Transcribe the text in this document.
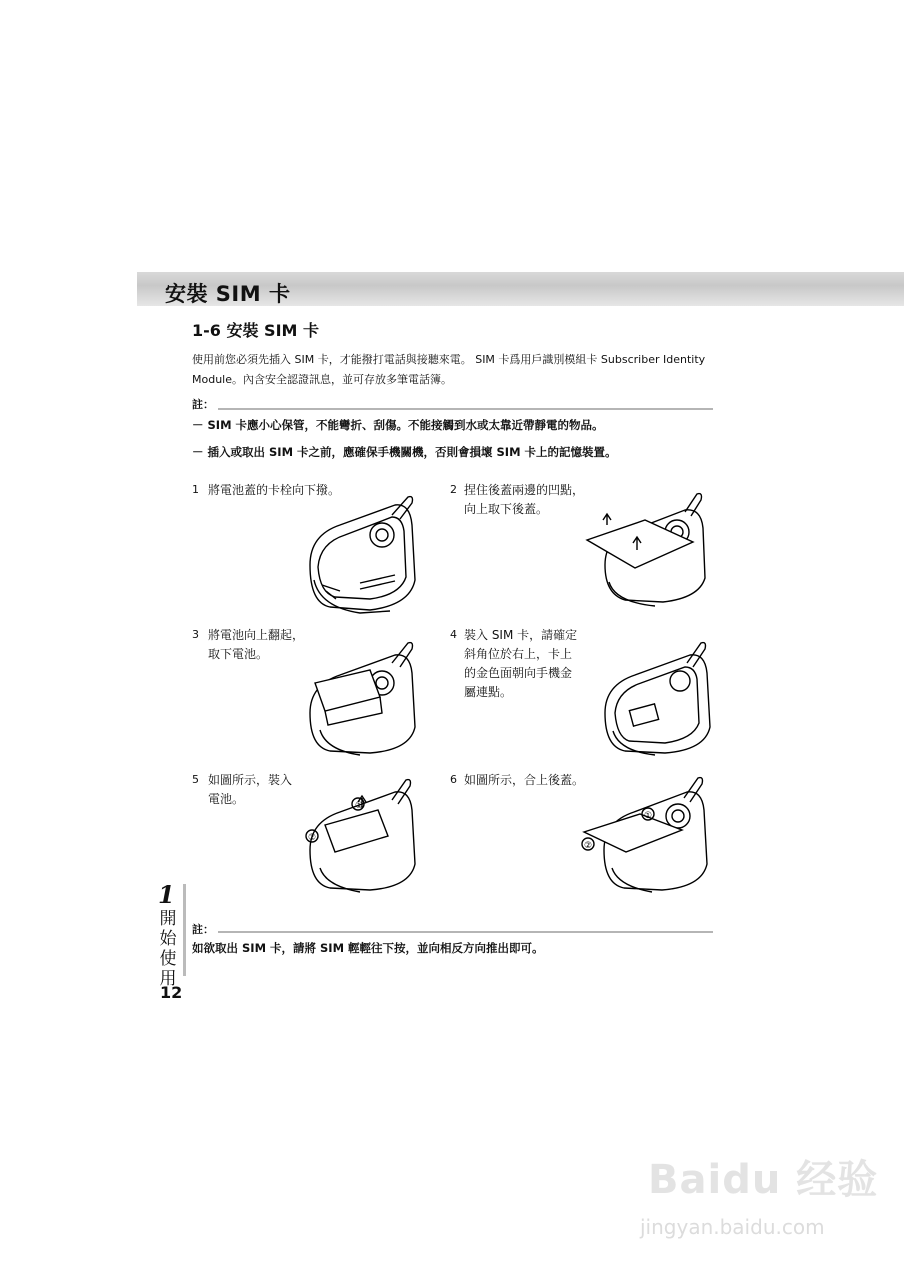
安裝 SIM 卡
1-6 安裝 SIM 卡
使用前您必須先插入 SIM 卡，才能撥打電話與接聽來電。 SIM 卡爲用戶識別模組卡 Subscriber Identity
Module。內含安全認證訊息，並可存放多筆電話簿。
註：
－ SIM 卡應小心保管，不能彎折、刮傷。不能接觸到水或太靠近帶靜電的物品。
－ 插入或取出 SIM 卡之前，應確保手機關機，否則會損壞 SIM 卡上的記憶裝置。
1 將電池蓋的卡栓向下撥。	2 捏住後蓋兩邊的凹點，
向上取下後蓋。
3 將電池向上翻起，
取下電池。
4 裝入 SIM 卡，請確定
斜角位於右上，卡上
的金色面朝向手機金
屬連點。
5 如圖所示，裝入
電池。	①
②
6 如圖所示，合上後蓋。
①
②
註：
如欲取出 SIM 卡，請將 SIM 輕輕往下按，並向相反方向推出即可。
1
開
始
使
用
12
Baidu 经验
jingyan.baidu.com
